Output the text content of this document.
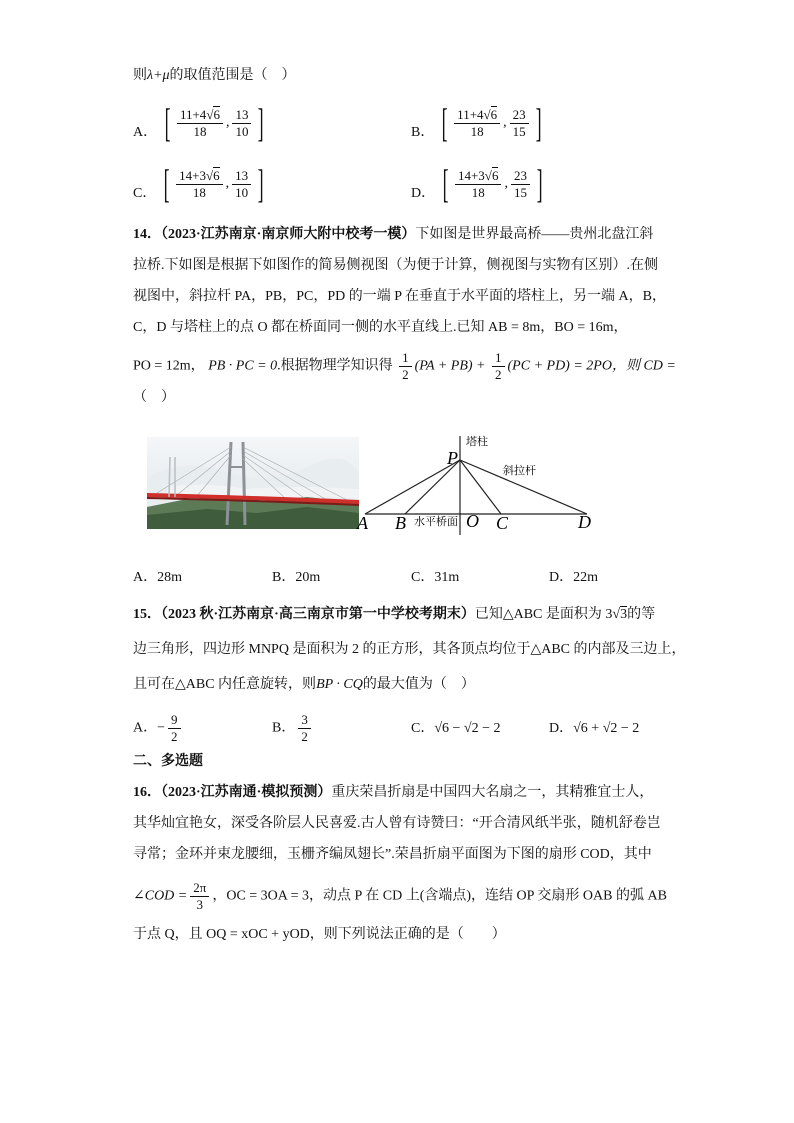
则λ+μ的取值范围是（　）
A． [ $\frac{11+4√6}{18}$ , $\frac{13}{10}$ ]	B． [ $\frac{11+4√6}{18}$ , $\frac{23}{15}$ ]
C． [ $\frac{14+3√6}{18}$ , $\frac{13}{10}$ ]	D． [ $\frac{14+3√6}{18}$ , $\frac{23}{15}$ ]
14．（2023·江苏南京·南京师大附中校考一模）下如图是世界最高桥——贵州北盘江斜
拉桥.下如图是根据下如图作的简易侧视图（为便于计算，侧视图与实物有区别）.在侧
视图中，斜拉杆 PA，PB，PC，PD 的一端 P 在垂直于水平面的塔柱上，另一端 A，B，
C，D 与塔柱上的点 O 都在桥面同一侧的水平直线上.已知 AB = 8m，BO = 16m，
PO = 12m， PB · PC = 0.根据物理学知识得 $\frac{1}{2} (PA + PB) + \frac{1}{2} (PC + PD) = 2PO$，则 CD =
（　）
塔柱
斜拉杆
水平桥面
P
A B	O C	D
A．28m	B．20m	C．31m	D．22m
15．（2023 秋·江苏南京·高三南京市第一中学校考期末）已知△ABC 是面积为 3√3的等
边三角形，四边形 MNPQ 是面积为 2 的正方形，其各顶点均位于△ABC 的内部及三边上，
且可在△ABC 内任意旋转，则BP · CQ的最大值为（　）
A．− $\frac{9}{2}$	B． $\frac{3}{2}$	C．√6 − √2 − 2	D．√6 + √2 − 2
二、多选题
16．（2023·江苏南通·模拟预测）重庆荣昌折扇是中国四大名扇之一，其精雅宜士人，
其华灿宜艳女，深受各阶层人民喜爱.古人曾有诗赞曰：“开合清风纸半张，随机舒卷岂
寻常；金环并束龙腰细，玉栅齐编凤翅长”.荣昌折扇平面图为下图的扇形 COD，其中
∠COD = $\frac{2\pi}{3}$ ，OC = 3OA = 3，动点 P 在 CD 上(含端点)，连结 OP 交扇形 OAB 的弧 AB
于点 Q，且 OQ = xOC + yOD，则下列说法正确的是（　　）
